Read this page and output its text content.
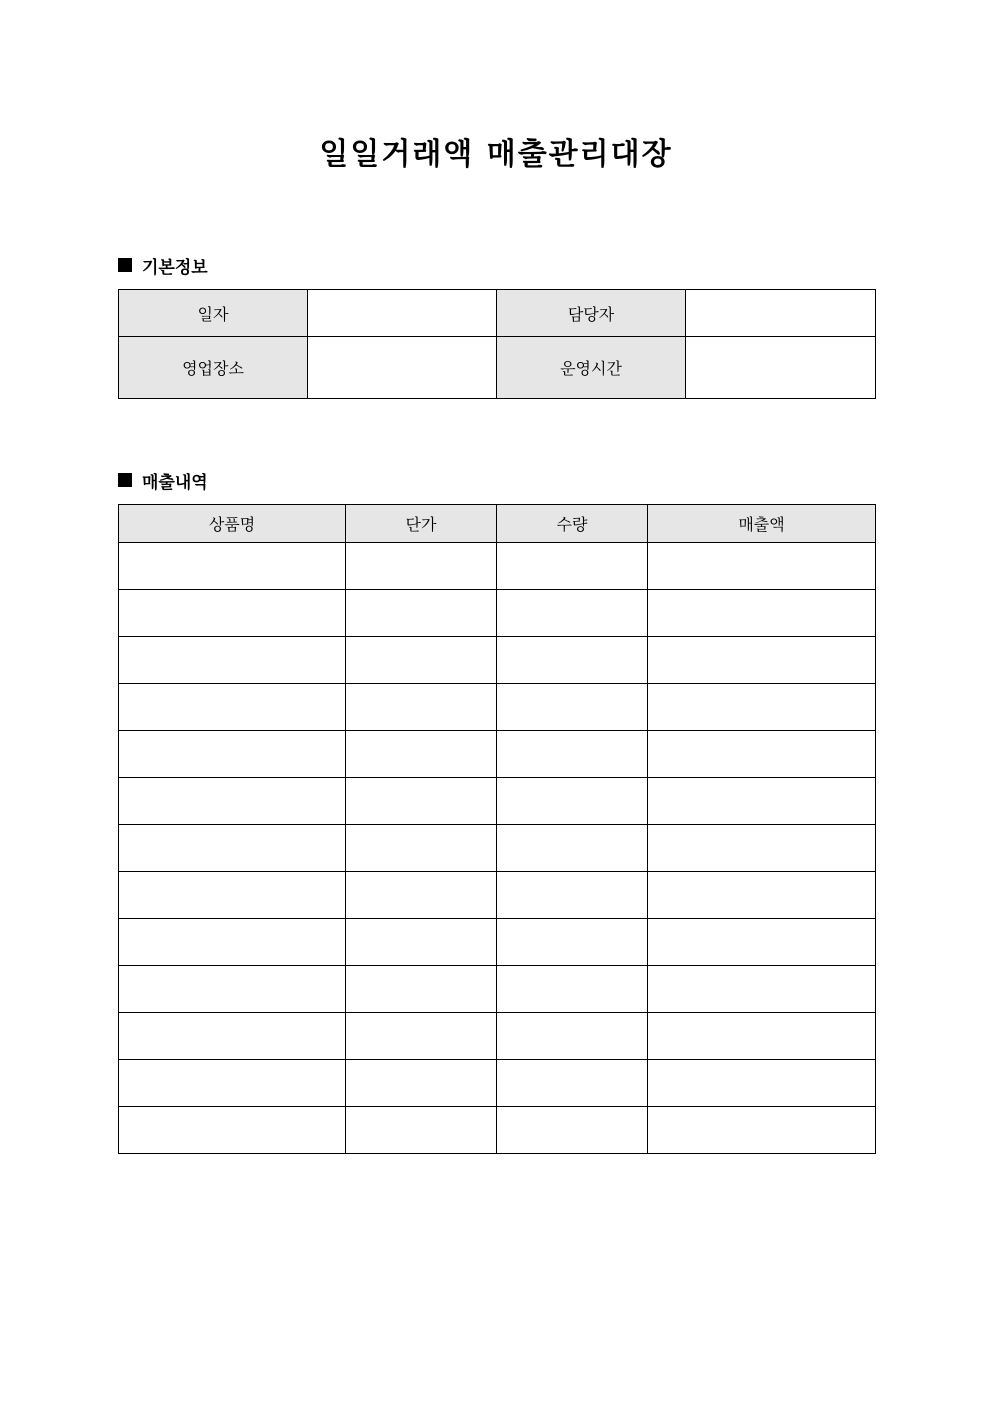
일일거래액 매출관리대장
기본정보
일자		담당자	
영업장소		운영시간	
매출내역
상품명	단가	수량	매출액
